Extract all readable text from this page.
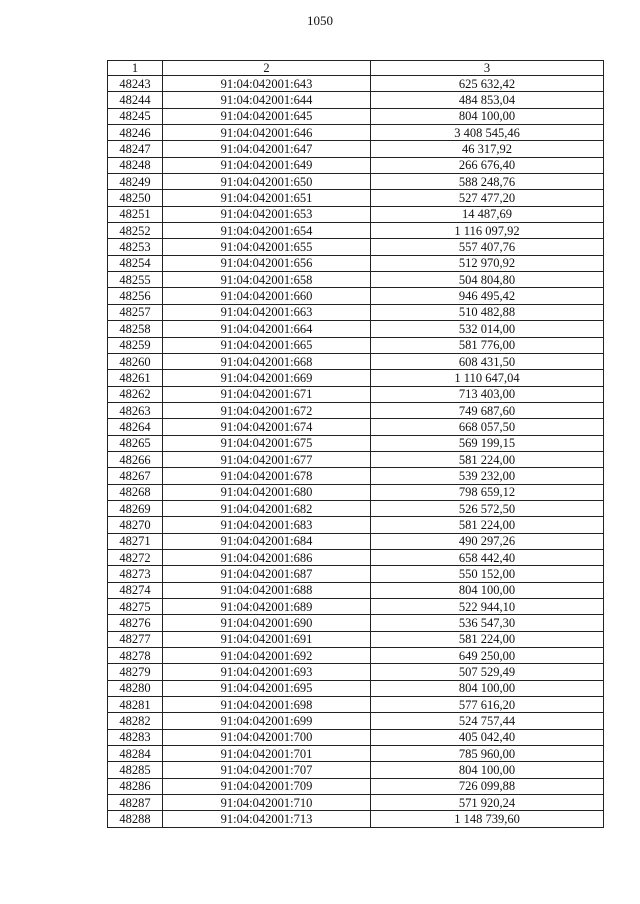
1050
1	2	3
48243	91:04:042001:643	625 632,42
48244	91:04:042001:644	484 853,04
48245	91:04:042001:645	804 100,00
48246	91:04:042001:646	3 408 545,46
48247	91:04:042001:647	46 317,92
48248	91:04:042001:649	266 676,40
48249	91:04:042001:650	588 248,76
48250	91:04:042001:651	527 477,20
48251	91:04:042001:653	14 487,69
48252	91:04:042001:654	1 116 097,92
48253	91:04:042001:655	557 407,76
48254	91:04:042001:656	512 970,92
48255	91:04:042001:658	504 804,80
48256	91:04:042001:660	946 495,42
48257	91:04:042001:663	510 482,88
48258	91:04:042001:664	532 014,00
48259	91:04:042001:665	581 776,00
48260	91:04:042001:668	608 431,50
48261	91:04:042001:669	1 110 647,04
48262	91:04:042001:671	713 403,00
48263	91:04:042001:672	749 687,60
48264	91:04:042001:674	668 057,50
48265	91:04:042001:675	569 199,15
48266	91:04:042001:677	581 224,00
48267	91:04:042001:678	539 232,00
48268	91:04:042001:680	798 659,12
48269	91:04:042001:682	526 572,50
48270	91:04:042001:683	581 224,00
48271	91:04:042001:684	490 297,26
48272	91:04:042001:686	658 442,40
48273	91:04:042001:687	550 152,00
48274	91:04:042001:688	804 100,00
48275	91:04:042001:689	522 944,10
48276	91:04:042001:690	536 547,30
48277	91:04:042001:691	581 224,00
48278	91:04:042001:692	649 250,00
48279	91:04:042001:693	507 529,49
48280	91:04:042001:695	804 100,00
48281	91:04:042001:698	577 616,20
48282	91:04:042001:699	524 757,44
48283	91:04:042001:700	405 042,40
48284	91:04:042001:701	785 960,00
48285	91:04:042001:707	804 100,00
48286	91:04:042001:709	726 099,88
48287	91:04:042001:710	571 920,24
48288	91:04:042001:713	1 148 739,60
